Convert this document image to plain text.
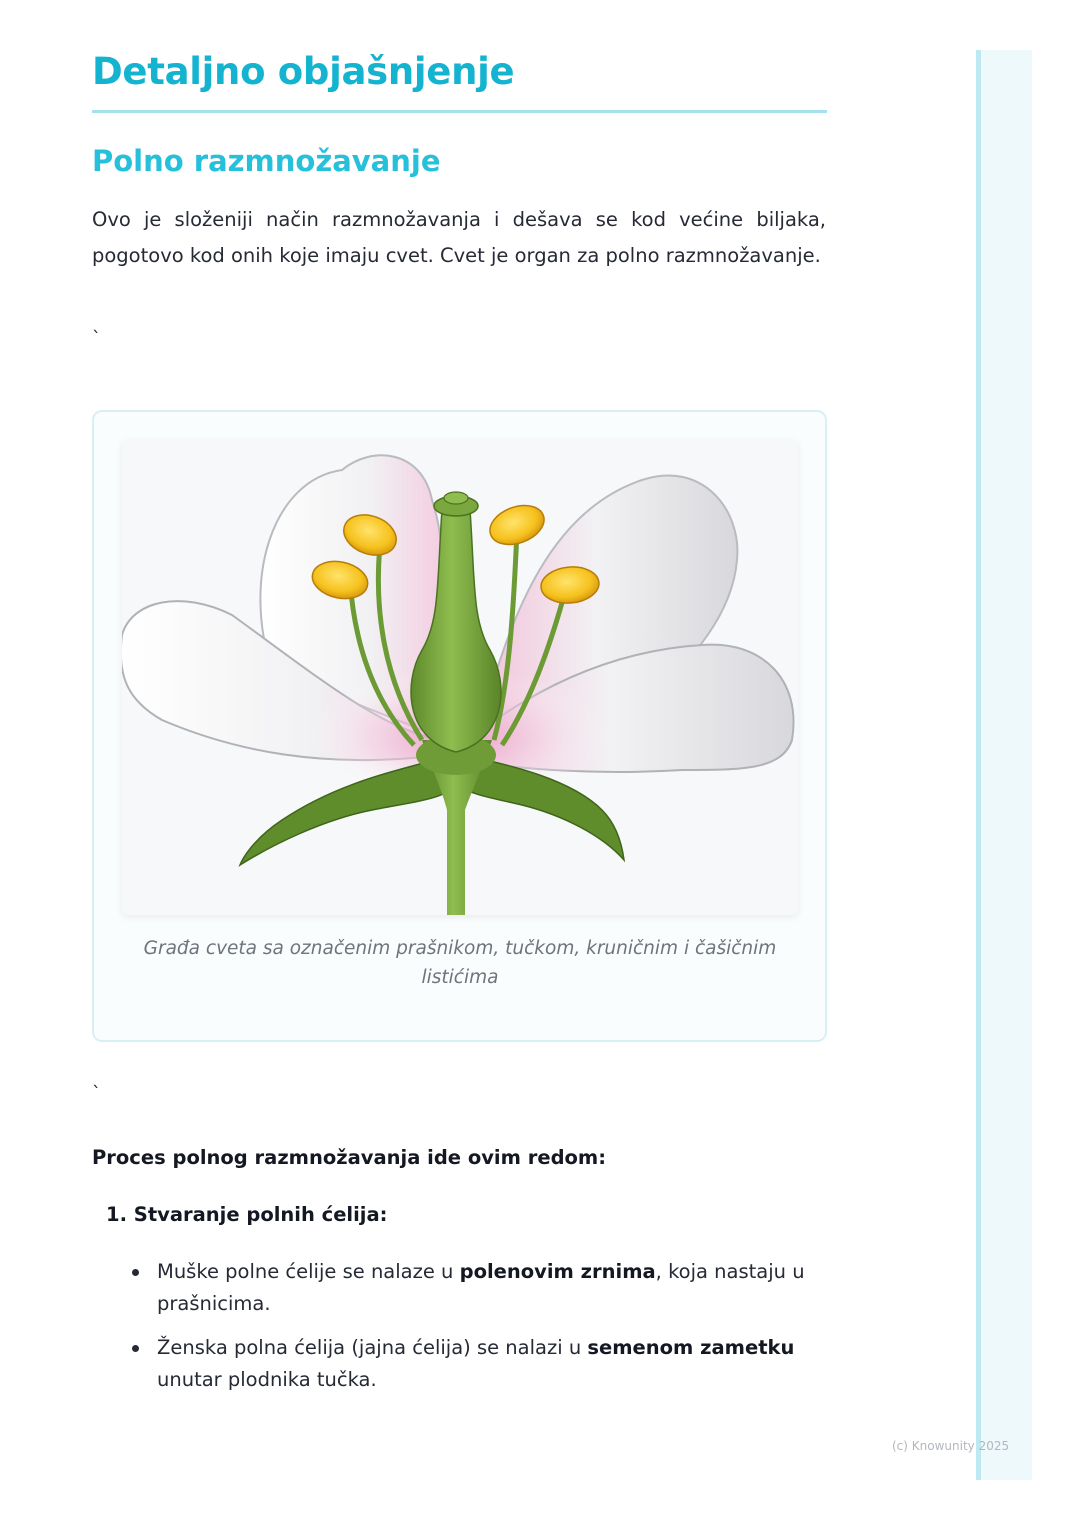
Detaljno objašnjenje
Polno razmnožavanje

Ovo je složeniji način razmnožavanja i dešava se kod većine biljaka, pogotovo kod onih koje imaju cvet. Cvet je organ za polno razmnožavanje.

`

Građa cveta sa označenim prašnikom, tučkom, kruničnim i čašičnim listićima

`
Proces polnog razmnožavanja ide ovim redom:
1. Stvaranje polnih ćelija:
Muške polne ćelije se nalaze u polenovim zrnima, koja nastaju u prašnicima.
Ženska polna ćelija (jajna ćelija) se nalazi u semenom zametku unutar plodnika tučka.
(c) Knowunity 2025
